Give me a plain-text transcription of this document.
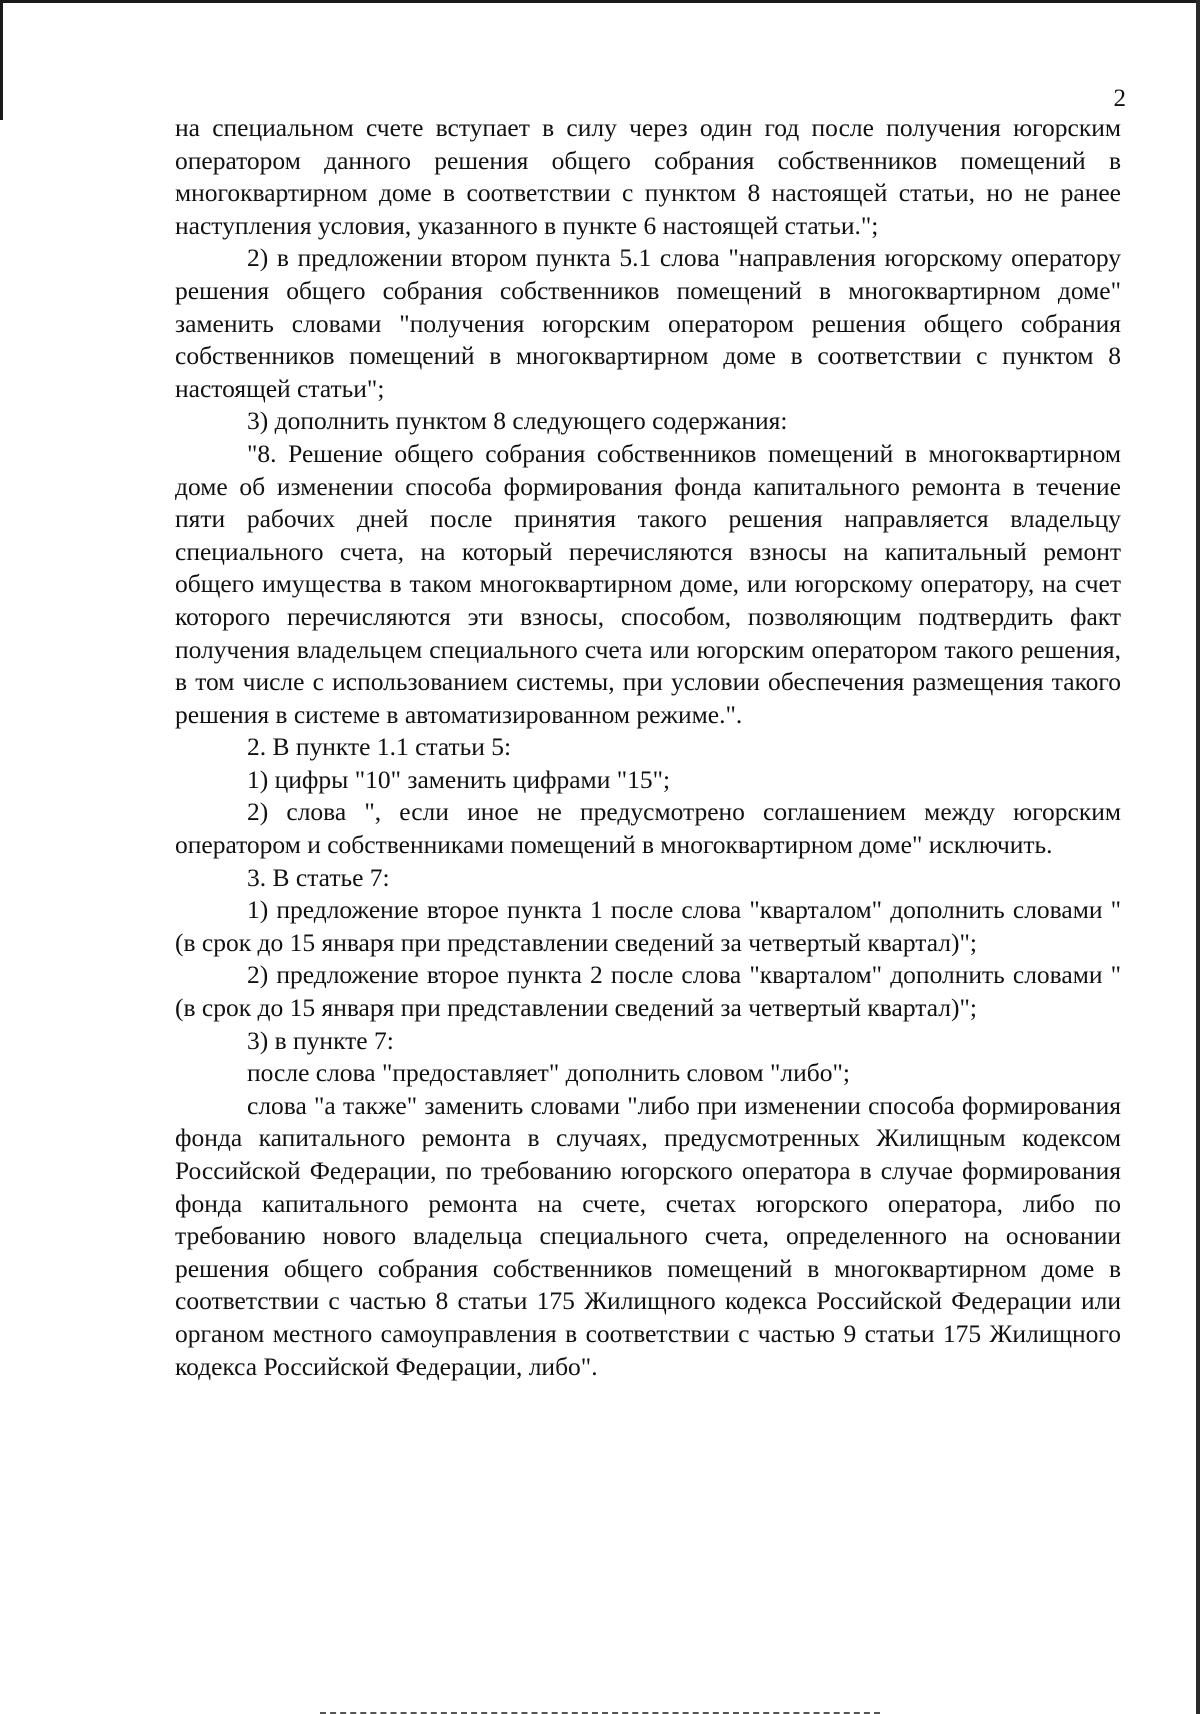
2

на специальном счете вступает в силу через один год после получения югорским оператором данного решения общего собрания собственников помещений в многоквартирном доме в соответствии с пунктом 8 настоящей статьи, но не ранее наступления условия, указанного в пункте 6 настоящей статьи.";

2) в предложении втором пункта 5.1 слова "направления югорскому оператору решения общего собрания собственников помещений в многоквартирном доме" заменить словами "получения югорским оператором решения общего собрания собственников помещений в многоквартирном доме в соответствии с пунктом 8 настоящей статьи";

3) дополнить пунктом 8 следующего содержания:

"8. Решение общего собрания собственников помещений в многоквартирном доме об изменении способа формирования фонда капитального ремонта в течение пяти рабочих дней после принятия такого решения направляется владельцу специального счета, на который перечисляются взносы на капитальный ремонт общего имущества в таком многоквартирном доме, или югорскому оператору, на счет которого перечисляются эти взносы, способом, позволяющим подтвердить факт получения владельцем специального счета или югорским оператором такого решения, в том числе с использованием системы, при условии обеспечения размещения такого решения в системе в автоматизированном режиме.".

2. В пункте 1.1 статьи 5:

1) цифры "10" заменить цифрами "15";

2) слова ", если иное не предусмотрено соглашением между югорским оператором и собственниками помещений в многоквартирном доме" исключить.

3. В статье 7:

1) предложение второе пункта 1 после слова "кварталом" дополнить словами "(в срок до 15 января при представлении сведений за четвертый квартал)";

2) предложение второе пункта 2 после слова "кварталом" дополнить словами "(в срок до 15 января при представлении сведений за четвертый квартал)";

3) в пункте 7:

после слова "предоставляет" дополнить словом "либо";

слова "а также" заменить словами "либо при изменении способа формирования фонда капитального ремонта в случаях, предусмотренных Жилищным кодексом Российской Федерации, по требованию югорского оператора в случае формирования фонда капитального ремонта на счете, счетах югорского оператора, либо по требованию нового владельца специального счета, определенного на основании решения общего собрания собственников помещений в многоквартирном доме в соответствии с частью 8 статьи 175 Жилищного кодекса Российской Федерации или органом местного самоуправления в соответствии с частью 9 статьи 175 Жилищного кодекса Российской Федерации, либо".
